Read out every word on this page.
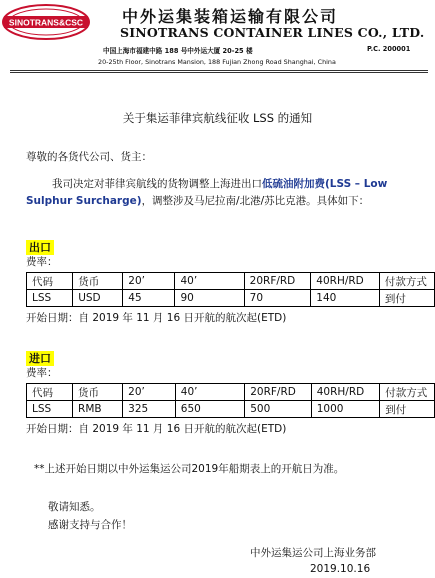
SINOTRANS&CSC 中外运集装箱运输有限公司
SINOTRANS CONTAINER LINES CO., LTD.
中国上海市福建中路 188 号中外运大厦 20-25 楼	P.C. 200001
20-25th Floor, Sinotrans Mansion, 188 Fujian Zhong Road Shanghai, China
关于集运菲律宾航线征收 LSS 的通知
尊敬的各货代公司、货主：
我司决定对菲律宾航线的货物调整上海进出口低硫油附加费(LSS – Low Sulphur Surcharge)，调整涉及马尼拉南/北港/苏比克港。具体如下：
出口
费率：
代码	货币	20’	40’	20RF/RD	40RH/RD	付款方式
LSS	USD	45	90	70	140	到付
开始日期：自 2019 年 11 月 16 日开航的航次起(ETD)
进口
费率：
代码	货币	20’	40’	20RF/RD	40RH/RD	付款方式
LSS	RMB	325	650	500	1000	到付
开始日期：自 2019 年 11 月 16 日开航的航次起(ETD)
**上述开始日期以中外运集运公司2019年船期表上的开航日为准。
敬请知悉。
感谢支持与合作！
中外运集运公司上海业务部
2019.10.16
